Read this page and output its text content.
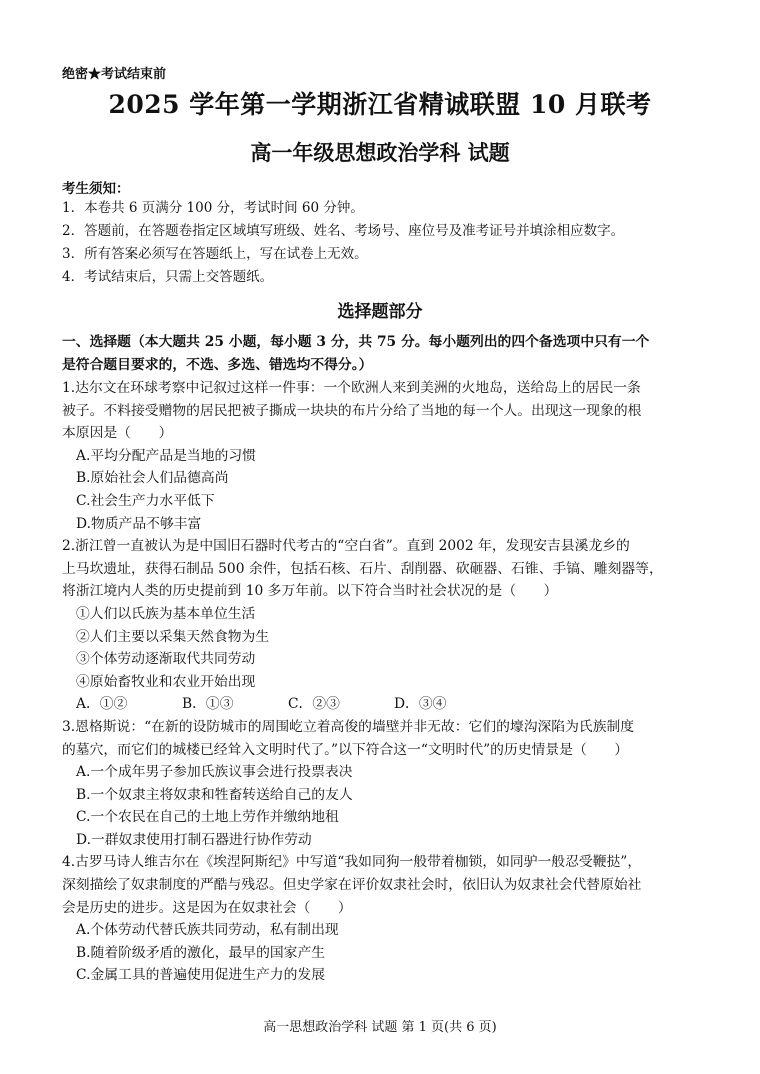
绝密★考试结束前
2025 学年第一学期浙江省精诚联盟 10 月联考
高一年级思想政治学科 试题
考生须知：
1．本卷共 6 页满分 100 分，考试时间 60 分钟。
2．答题前，在答题卷指定区域填写班级、姓名、考场号、座位号及准考证号并填涂相应数字。
3．所有答案必须写在答题纸上，写在试卷上无效。
4．考试结束后，只需上交答题纸。
选择题部分
一、选择题（本大题共 25 小题，每小题 3 分，共 75 分。每小题列出的四个备选项中只有一个
是符合题目要求的，不选、多选、错选均不得分。）
1.达尔文在环球考察中记叙过这样一件事：一个欧洲人来到美洲的火地岛，送给岛上的居民一条
被子。不料接受赠物的居民把被子撕成一块块的布片分给了当地的每一个人。出现这一现象的根
本原因是（　　）
A.平均分配产品是当地的习惯
B.原始社会人们品德高尚
C.社会生产力水平低下
D.物质产品不够丰富
2.浙江曾一直被认为是中国旧石器时代考古的“空白省”。直到 2002 年，发现安吉县溪龙乡的
上马坎遗址，获得石制品 500 余件，包括石核、石片、刮削器、砍砸器、石锥、手镐、雕刻器等，
将浙江境内人类的历史提前到 10 多万年前。以下符合当时社会状况的是（　　）
①人们以氏族为基本单位生活
②人们主要以采集天然食物为生
③个体劳动逐渐取代共同劳动
④原始畜牧业和农业开始出现
A．①②	B．①③	C．②③	D．③④
3.恩格斯说：“在新的设防城市的周围屹立着高俊的墙壁并非无故：它们的壕沟深陷为氏族制度
的墓穴，而它们的城楼已经耸入文明时代了。”以下符合这一“文明时代”的历史情景是（　　）
A.一个成年男子参加氏族议事会进行投票表决
B.一个奴隶主将奴隶和牲畜转送给自己的友人
C.一个农民在自己的土地上劳作并缴纳地租
D.一群奴隶使用打制石器进行协作劳动
4.古罗马诗人维吉尔在《埃涅阿斯纪》中写道“我如同狗一般带着枷锁，如同驴一般忍受鞭挞”，
深刻描绘了奴隶制度的严酷与残忍。但史学家在评价奴隶社会时，依旧认为奴隶社会代替原始社
会是历史的进步。这是因为在奴隶社会（　　）
A.个体劳动代替氏族共同劳动，私有制出现
B.随着阶级矛盾的激化，最早的国家产生
C.金属工具的普遍使用促进生产力的发展
高一思想政治学科 试题 第 1 页(共 6 页)
